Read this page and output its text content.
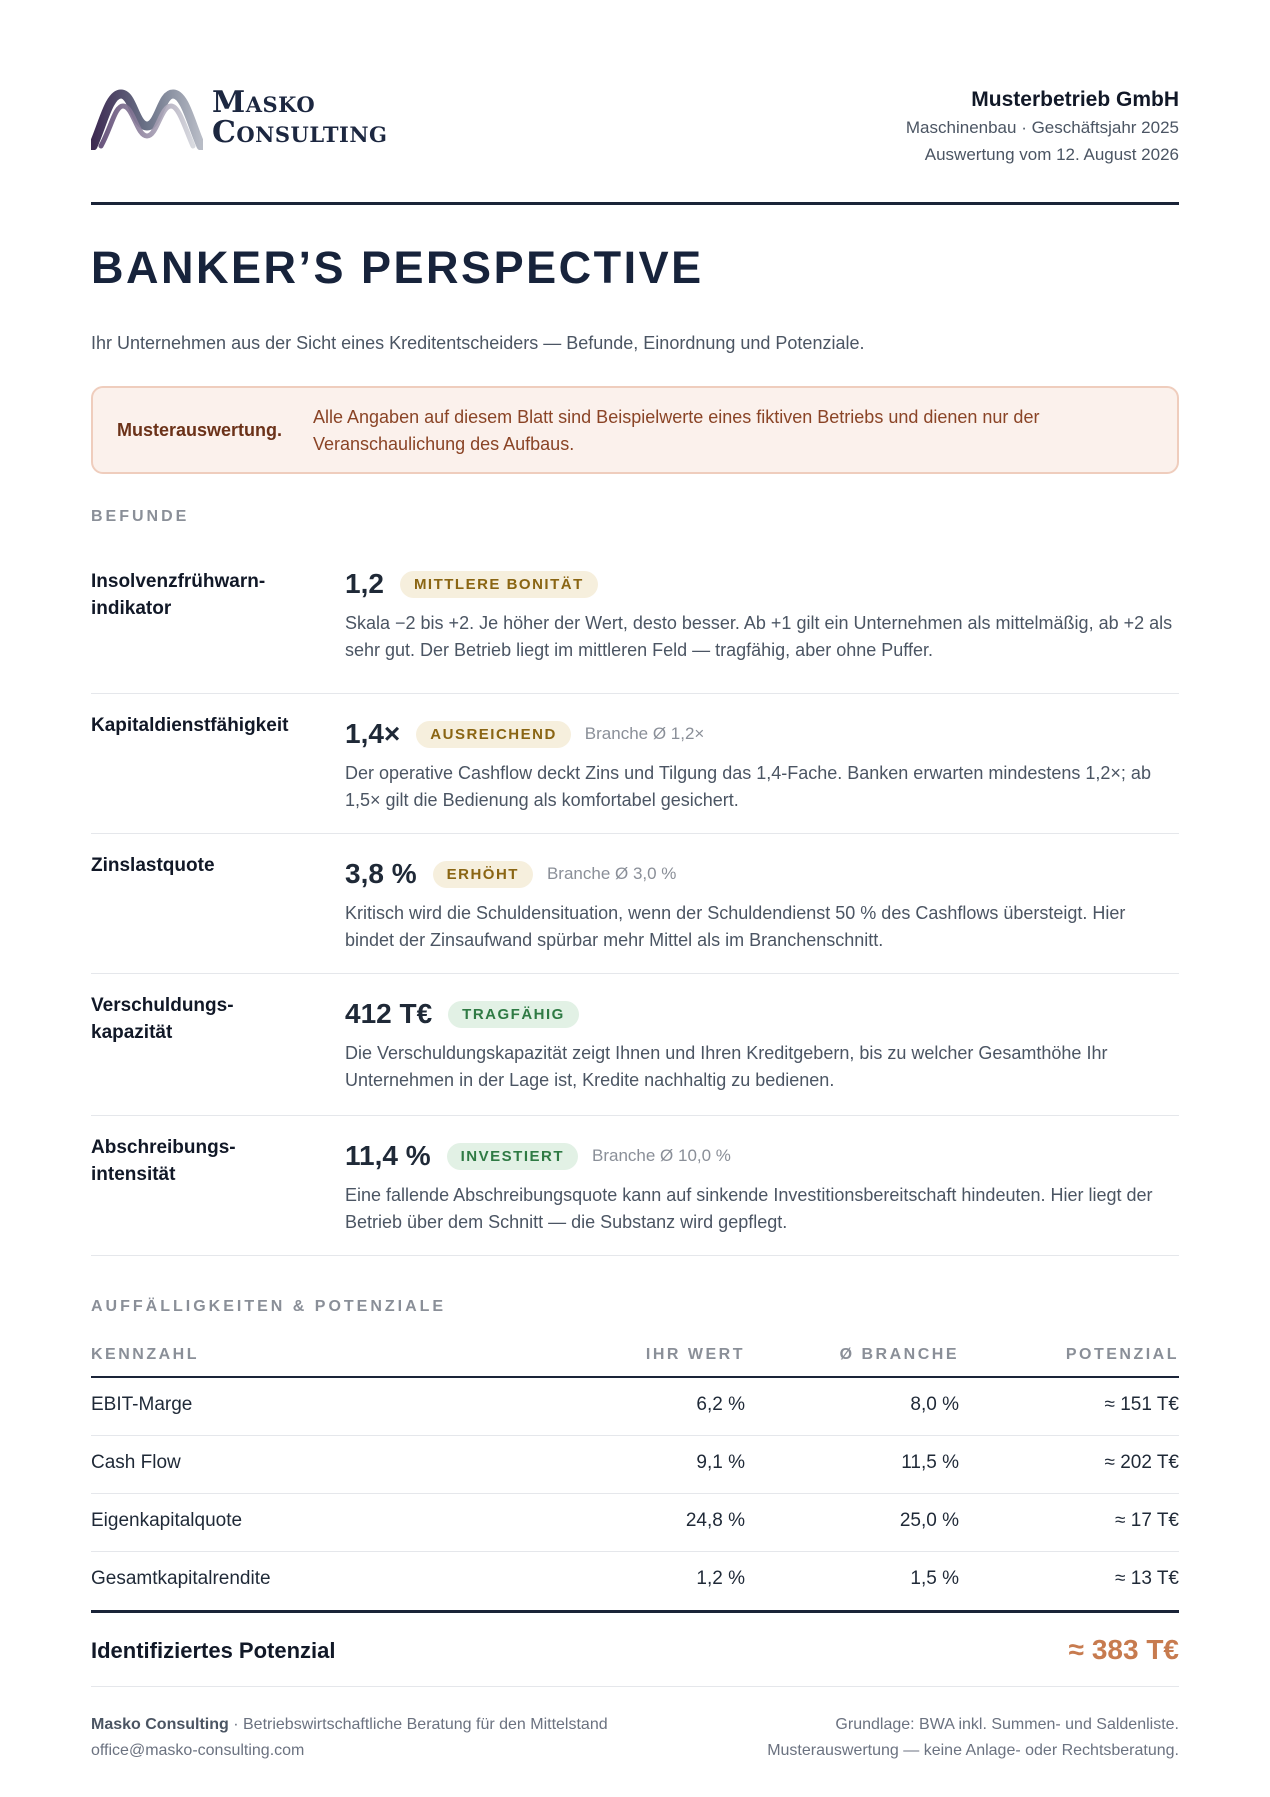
Masko
Consulting
Musterbetrieb GmbH
Maschinenbau · Geschäftsjahr 2025
Auswertung vom 12. August 2026
BANKER’S PERSPECTIVE

Ihr Unternehmen aus der Sicht eines Kreditentscheiders — Befunde, Einordnung und Potenziale.

Musterauswertung.
Alle Angaben auf diesem Blatt sind Beispielwerte eines fiktiven Betriebs und dienen nur der Veranschaulichung des Aufbaus.
BEFUNDE
Insolvenzfrühwarn-indikator
1,2	MITTLERE BONITÄT
Skala −2 bis +2. Je höher der Wert, desto besser. Ab +1 gilt ein Unternehmen als mittelmäßig, ab +2 als sehr gut. Der Betrieb liegt im mittleren Feld — tragfähig, aber ohne Puffer.
Kapitaldienstfähigkeit	1,4×	AUSREICHEND	Branche Ø 1,2×
Der operative Cashflow deckt Zins und Tilgung das 1,4-Fache. Banken erwarten mindestens 1,2×; ab 1,5× gilt die Bedienung als komfortabel gesichert.
Zinslastquote	3,8 %	ERHÖHT	Branche Ø 3,0 %
Kritisch wird die Schuldensituation, wenn der Schuldendienst 50 % des Cashflows übersteigt. Hier bindet der Zinsaufwand spürbar mehr Mittel als im Branchenschnitt.
Verschuldungs-kapazität
412 T€	TRAGFÄHIG
Die Verschuldungskapazität zeigt Ihnen und Ihren Kreditgebern, bis zu welcher Gesamthöhe Ihr Unternehmen in der Lage ist, Kredite nachhaltig zu bedienen.
Abschreibungs-intensität
11,4 %	INVESTIERT	Branche Ø 10,0 %
Eine fallende Abschreibungsquote kann auf sinkende Investitionsbereitschaft hindeuten. Hier liegt der Betrieb über dem Schnitt — die Substanz wird gepflegt.
AUFFÄLLIGKEITEN & POTENZIALE
KENNZAHL	IHR WERT	Ø BRANCHE	POTENZIAL
EBIT-Marge	6,2 %	8,0 %	≈ 151 T€
Cash Flow	9,1 %	11,5 %	≈ 202 T€
Eigenkapitalquote	24,8 %	25,0 %	≈ 17 T€
Gesamtkapitalrendite	1,2 %	1,5 %	≈ 13 T€
Identifiziertes Potenzial	≈ 383 T€
Masko Consulting · Betriebswirtschaftliche Beratung für den Mittelstand
office@masko-consulting.com
Grundlage: BWA inkl. Summen- und Saldenliste.
Musterauswertung — keine Anlage- oder Rechtsberatung.
